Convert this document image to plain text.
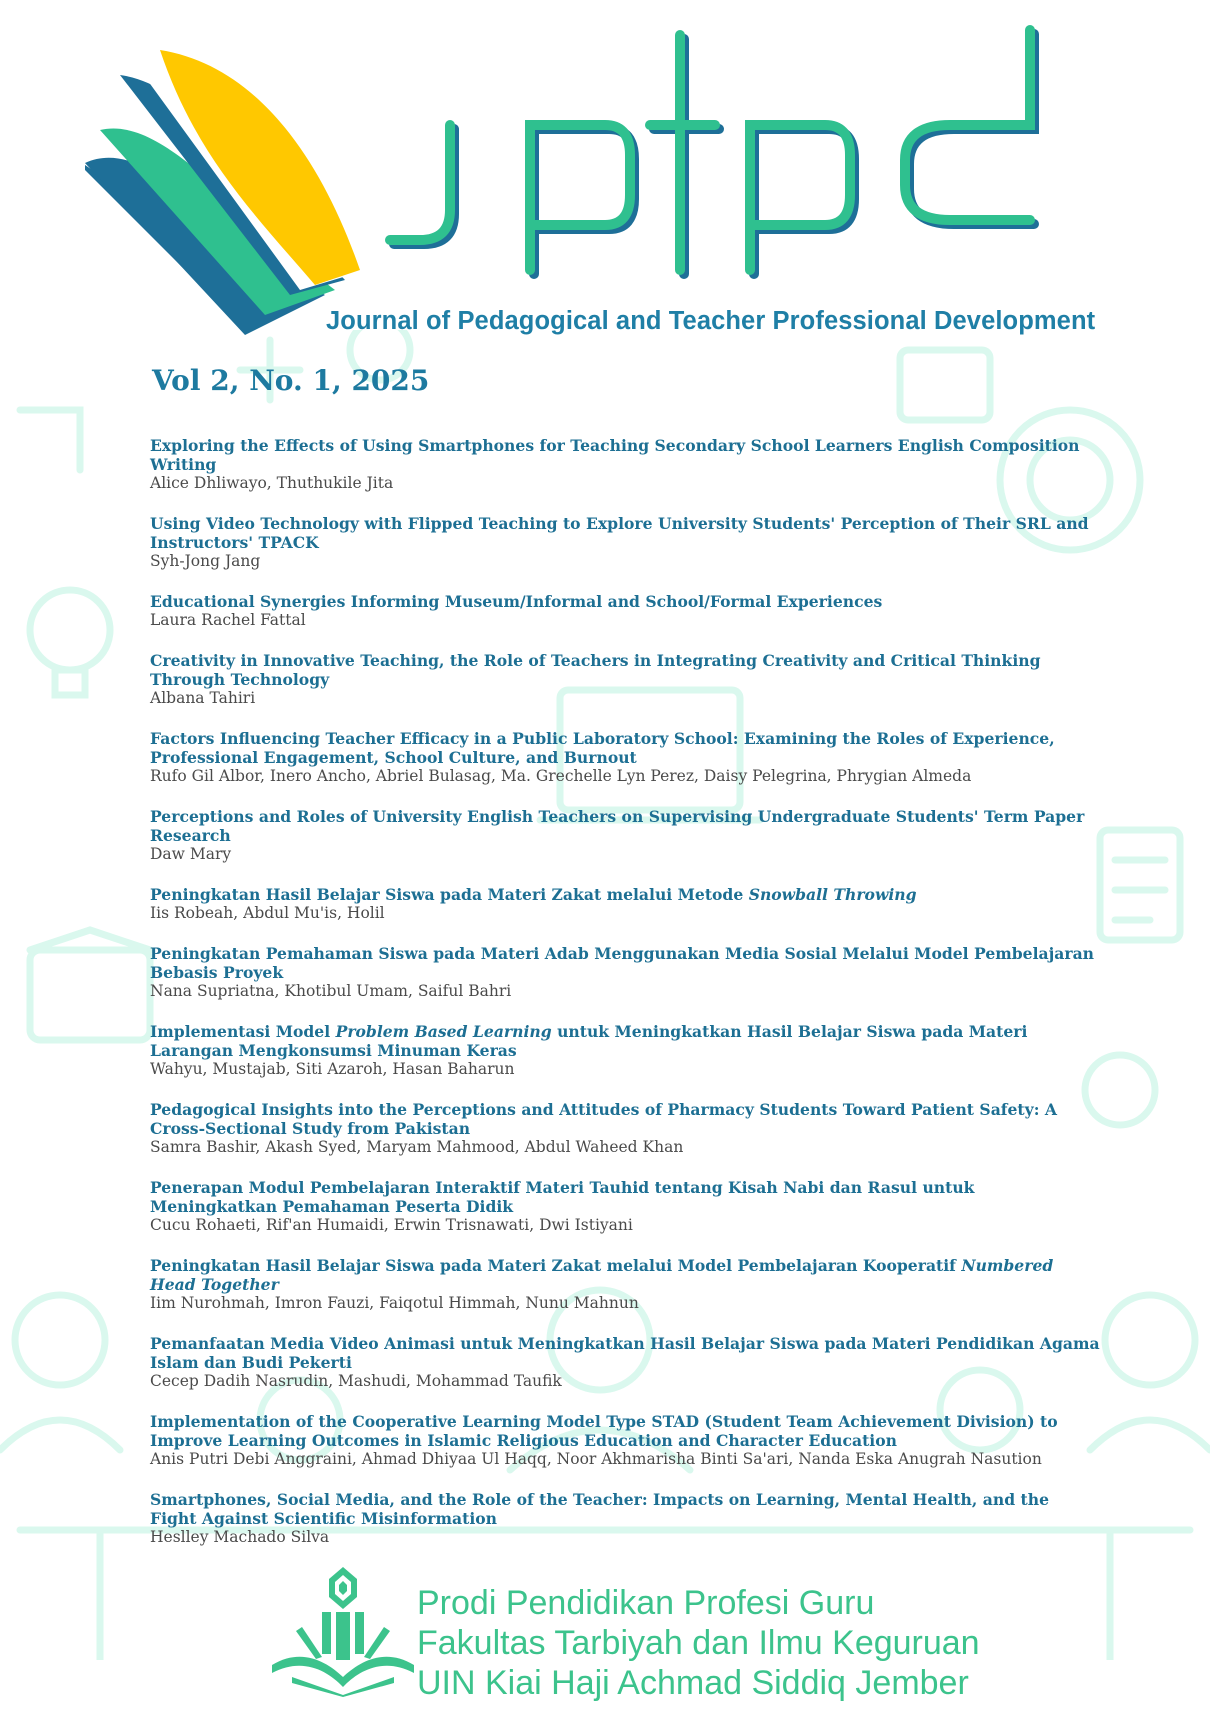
Journal of Pedagogical and Teacher Professional Development
Vol 2, No. 1, 2025
Exploring the Effects of Using Smartphones for Teaching Secondary School Learners English Composition Writing
Alice Dhliwayo, Thuthukile Jita
Using Video Technology with Flipped Teaching to Explore University Students' Perception of Their SRL and Instructors' TPACK
Syh-Jong Jang
Educational Synergies Informing Museum/Informal and School/Formal Experiences
Laura Rachel Fattal
Creativity in Innovative Teaching, the Role of Teachers in Integrating Creativity and Critical Thinking Through Technology
Albana Tahiri
Factors Influencing Teacher Efficacy in a Public Laboratory School: Examining the Roles of Experience, Professional Engagement, School Culture, and Burnout
Rufo Gil Albor, Inero Ancho, Abriel Bulasag, Ma. Grechelle Lyn Perez, Daisy Pelegrina, Phrygian Almeda
Perceptions and Roles of University English Teachers on Supervising Undergraduate Students' Term Paper Research
Daw Mary
Peningkatan Hasil Belajar Siswa pada Materi Zakat melalui Metode Snowball Throwing
Iis Robeah, Abdul Mu'is, Holil
Peningkatan Pemahaman Siswa pada Materi Adab Menggunakan Media Sosial Melalui Model Pembelajaran Bebasis Proyek
Nana Supriatna, Khotibul Umam, Saiful Bahri
Implementasi Model Problem Based Learning untuk Meningkatkan Hasil Belajar Siswa pada Materi Larangan Mengkonsumsi Minuman Keras
Wahyu, Mustajab, Siti Azaroh, Hasan Baharun
Pedagogical Insights into the Perceptions and Attitudes of Pharmacy Students Toward Patient Safety: A Cross-Sectional Study from Pakistan
Samra Bashir, Akash Syed, Maryam Mahmood, Abdul Waheed Khan
Penerapan Modul Pembelajaran Interaktif Materi Tauhid tentang Kisah Nabi dan Rasul untuk Meningkatkan Pemahaman Peserta Didik
Cucu Rohaeti, Rif'an Humaidi, Erwin Trisnawati, Dwi Istiyani
Peningkatan Hasil Belajar Siswa pada Materi Zakat melalui Model Pembelajaran Kooperatif Numbered Head Together
Iim Nurohmah, Imron Fauzi, Faiqotul Himmah, Nunu Mahnun
Pemanfaatan Media Video Animasi untuk Meningkatkan Hasil Belajar Siswa pada Materi Pendidikan Agama Islam dan Budi Pekerti
Cecep Dadih Nasrudin, Mashudi, Mohammad Taufik
Implementation of the Cooperative Learning Model Type STAD (Student Team Achievement Division) to Improve Learning Outcomes in Islamic Religious Education and Character Education
Anis Putri Debi Anggraini, Ahmad Dhiyaa Ul Haqq, Noor Akhmarisha Binti Sa'ari, Nanda Eska Anugrah Nasution
Smartphones, Social Media, and the Role of the Teacher: Impacts on Learning, Mental Health, and the Fight Against Scientific Misinformation
Heslley Machado Silva
Prodi Pendidikan Profesi Guru
Fakultas Tarbiyah dan Ilmu Keguruan
UIN Kiai Haji Achmad Siddiq Jember
